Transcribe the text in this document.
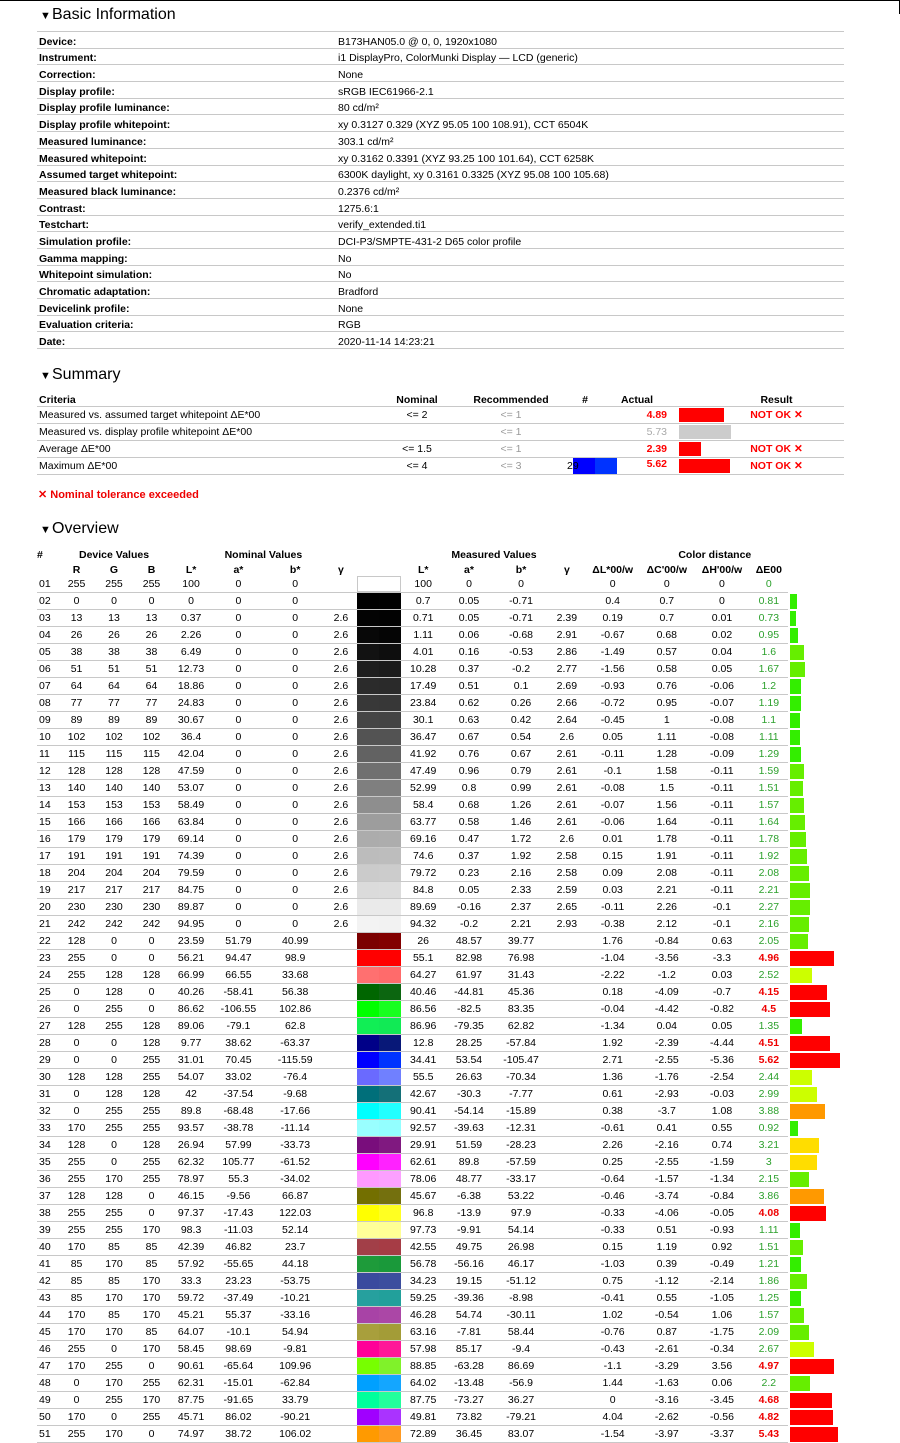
▼Basic Information
Device:	B173HAN05.0 @ 0, 0, 1920x1080
Instrument:	i1 DisplayPro, ColorMunki Display — LCD (generic)
Correction:	None
Display profile:	sRGB IEC61966-2.1
Display profile luminance:	80 cd/m²
Display profile whitepoint:	xy 0.3127 0.329 (XYZ 95.05 100 108.91), CCT 6504K
Measured luminance:	303.1 cd/m²
Measured whitepoint:	xy 0.3162 0.3391 (XYZ 93.25 100 101.64), CCT 6258K
Assumed target whitepoint:	6300K daylight, xy 0.3161 0.3325 (XYZ 95.08 100 105.68)
Measured black luminance:	0.2376 cd/m²
Contrast:	1275.6:1
Testchart:	verify_extended.ti1
Simulation profile:	DCI-P3/SMPTE-431-2 D65 color profile
Gamma mapping:	No
Whitepoint simulation:	No
Chromatic adaptation:	Bradford
Devicelink profile:	None
Evaluation criteria:	RGB
Date:	2020-11-14 14:23:21
▼Summary
Criteria	Nominal	Recommended	#	Actual		Result	
Measured vs. assumed target whitepoint ΔE*00	<= 2	<= 1		4.89		NOT OK ✕	
Measured vs. display profile whitepoint ΔE*00		<= 1		5.73			
Average ΔE*00	<= 1.5	<= 1		2.39		NOT OK ✕	
Maximum ΔE*00	<= 4	<= 3	29	5.62		NOT OK ✕	
✕ Nominal tolerance exceeded
▼Overview
#	Device Values			Nominal Values					Measured Values				Color distance				
	R	G	B	L*	a*	b*	γ		L*	a*	b*	γ	ΔL*00/w	ΔC'00/w	ΔH'00/w	ΔE00	
01	255	255	255	100	0	0			100	0	0		0	0	0	0	

02	0	0	0	0	0	0			0.7	0.05	-0.71		0.4	0.7	0	0.81	

03	13	13	13	0.37	0	0	2.6		0.71	0.05	-0.71	2.39	0.19	0.7	0.01	0.73	

04	26	26	26	2.26	0	0	2.6		1.11	0.06	-0.68	2.91	-0.67	0.68	0.02	0.95	

05	38	38	38	6.49	0	0	2.6		4.01	0.16	-0.53	2.86	-1.49	0.57	0.04	1.6	

06	51	51	51	12.73	0	0	2.6		10.28	0.37	-0.2	2.77	-1.56	0.58	0.05	1.67	

07	64	64	64	18.86	0	0	2.6		17.49	0.51	0.1	2.69	-0.93	0.76	-0.06	1.2	

08	77	77	77	24.83	0	0	2.6		23.84	0.62	0.26	2.66	-0.72	0.95	-0.07	1.19	

09	89	89	89	30.67	0	0	2.6		30.1	0.63	0.42	2.64	-0.45	1	-0.08	1.1	

10	102	102	102	36.4	0	0	2.6		36.47	0.67	0.54	2.6	0.05	1.11	-0.08	1.11	

11	115	115	115	42.04	0	0	2.6		41.92	0.76	0.67	2.61	-0.11	1.28	-0.09	1.29	

12	128	128	128	47.59	0	0	2.6		47.49	0.96	0.79	2.61	-0.1	1.58	-0.11	1.59	

13	140	140	140	53.07	0	0	2.6		52.99	0.8	0.99	2.61	-0.08	1.5	-0.11	1.51	

14	153	153	153	58.49	0	0	2.6		58.4	0.68	1.26	2.61	-0.07	1.56	-0.11	1.57	

15	166	166	166	63.84	0	0	2.6		63.77	0.58	1.46	2.61	-0.06	1.64	-0.11	1.64	

16	179	179	179	69.14	0	0	2.6		69.16	0.47	1.72	2.6	0.01	1.78	-0.11	1.78	

17	191	191	191	74.39	0	0	2.6		74.6	0.37	1.92	2.58	0.15	1.91	-0.11	1.92	

18	204	204	204	79.59	0	0	2.6		79.72	0.23	2.16	2.58	0.09	2.08	-0.11	2.08	

19	217	217	217	84.75	0	0	2.6		84.8	0.05	2.33	2.59	0.03	2.21	-0.11	2.21	

20	230	230	230	89.87	0	0	2.6		89.69	-0.16	2.37	2.65	-0.11	2.26	-0.1	2.27	

21	242	242	242	94.95	0	0	2.6		94.32	-0.2	2.21	2.93	-0.38	2.12	-0.1	2.16	

22	128	0	0	23.59	51.79	40.99			26	48.57	39.77		1.76	-0.84	0.63	2.05	

23	255	0	0	56.21	94.47	98.9			55.1	82.98	76.98		-1.04	-3.56	-3.3	4.96	

24	255	128	128	66.99	66.55	33.68			64.27	61.97	31.43		-2.22	-1.2	0.03	2.52	

25	0	128	0	40.26	-58.41	56.38			40.46	-44.81	45.36		0.18	-4.09	-0.7	4.15	

26	0	255	0	86.62	-106.55	102.86			86.56	-82.5	83.35		-0.04	-4.42	-0.82	4.5	

27	128	255	128	89.06	-79.1	62.8			86.96	-79.35	62.82		-1.34	0.04	0.05	1.35	

28	0	0	128	9.77	38.62	-63.37			12.8	28.25	-57.84		1.92	-2.39	-4.44	4.51	

29	0	0	255	31.01	70.45	-115.59			34.41	53.54	-105.47		2.71	-2.55	-5.36	5.62	

30	128	128	255	54.07	33.02	-76.4			55.5	26.63	-70.34		1.36	-1.76	-2.54	2.44	

31	0	128	128	42	-37.54	-9.68			42.67	-30.3	-7.77		0.61	-2.93	-0.03	2.99	

32	0	255	255	89.8	-68.48	-17.66			90.41	-54.14	-15.89		0.38	-3.7	1.08	3.88	

33	170	255	255	93.57	-38.78	-11.14			92.57	-39.63	-12.31		-0.61	0.41	0.55	0.92	

34	128	0	128	26.94	57.99	-33.73			29.91	51.59	-28.23		2.26	-2.16	0.74	3.21	

35	255	0	255	62.32	105.77	-61.52			62.61	89.8	-57.59		0.25	-2.55	-1.59	3	

36	255	170	255	78.97	55.3	-34.02			78.06	48.77	-33.17		-0.64	-1.57	-1.34	2.15	

37	128	128	0	46.15	-9.56	66.87			45.67	-6.38	53.22		-0.46	-3.74	-0.84	3.86	

38	255	255	0	97.37	-17.43	122.03			96.8	-13.9	97.9		-0.33	-4.06	-0.05	4.08	

39	255	255	170	98.3	-11.03	52.14			97.73	-9.91	54.14		-0.33	0.51	-0.93	1.11	

40	170	85	85	42.39	46.82	23.7			42.55	49.75	26.98		0.15	1.19	0.92	1.51	

41	85	170	85	57.92	-55.65	44.18			56.78	-56.16	46.17		-1.03	0.39	-0.49	1.21	

42	85	85	170	33.3	23.23	-53.75			34.23	19.15	-51.12		0.75	-1.12	-2.14	1.86	

43	85	170	170	59.72	-37.49	-10.21			59.25	-39.36	-8.98		-0.41	0.55	-1.05	1.25	

44	170	85	170	45.21	55.37	-33.16			46.28	54.74	-30.11		1.02	-0.54	1.06	1.57	

45	170	170	85	64.07	-10.1	54.94			63.16	-7.81	58.44		-0.76	0.87	-1.75	2.09	

46	255	0	170	58.45	98.69	-9.81			57.98	85.17	-9.4		-0.43	-2.61	-0.34	2.67	

47	170	255	0	90.61	-65.64	109.96			88.85	-63.28	86.69		-1.1	-3.29	3.56	4.97	

48	0	170	255	62.31	-15.01	-62.84			64.02	-13.48	-56.9		1.44	-1.63	0.06	2.2	

49	0	255	170	87.75	-91.65	33.79			87.75	-73.27	36.27		0	-3.16	-3.45	4.68	

50	170	0	255	45.71	86.02	-90.21			49.81	73.82	-79.21		4.04	-2.62	-0.56	4.82	

51	255	170	0	74.97	38.72	106.02			72.89	36.45	83.07		-1.54	-3.97	-3.37	5.43	
